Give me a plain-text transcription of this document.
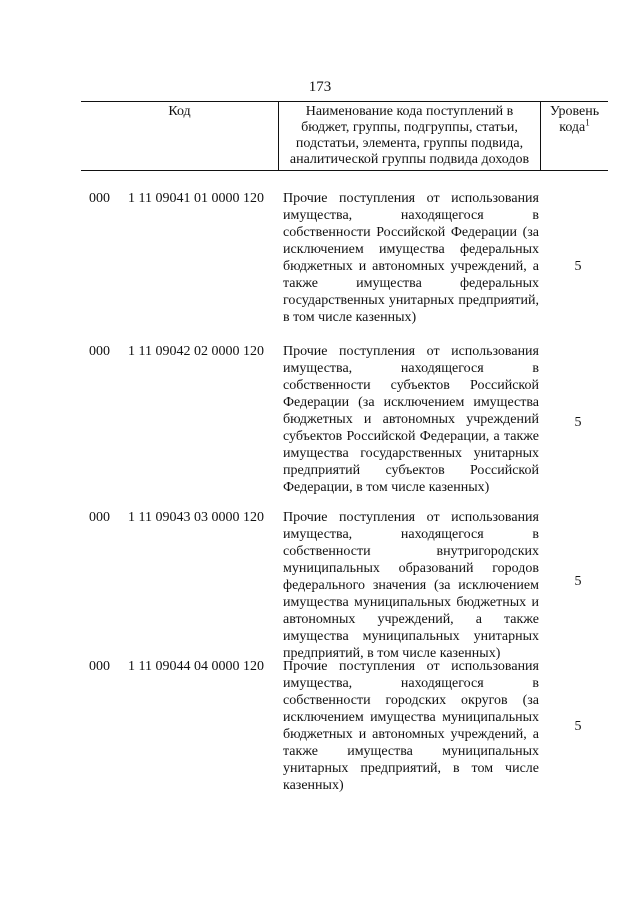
173
Код	Наименование кода поступлений в бюджет, группы, подгруппы, статьи, подстатьи, элемента, группы подвида, аналитической группы подвида доходов
Уровень кода$^1$
000 1 11 09041 01 0000 120 Прочие поступления от использования имущества, находящегося в собственности Российской Федерации (за исключением имущества федеральных бюджетных и автономных учреждений, а также имущества федеральных государственных унитарных предприятий, в том числе казенных)
5
000 1 11 09042 02 0000 120 Прочие поступления от использования имущества, находящегося в собственности субъектов Российской Федерации (за исключением имущества бюджетных и автономных учреждений субъектов Российской Федерации, а также имущества государственных унитарных предприятий субъектов Российской Федерации, в том числе казенных)
5
000 1 11 09043 03 0000 120 Прочие поступления от использования имущества, находящегося в собственности внутригородских муниципальных образований городов федерального значения (за исключением имущества муниципальных бюджетных и автономных учреждений, а также имущества муниципальных унитарных предприятий, в том числе казенных)
5
000 1 11 09044 04 0000 120 Прочие поступления от использования имущества, находящегося в собственности городских округов (за исключением имущества муниципальных бюджетных и автономных учреждений, а также имущества муниципальных унитарных предприятий, в том числе казенных)
5
